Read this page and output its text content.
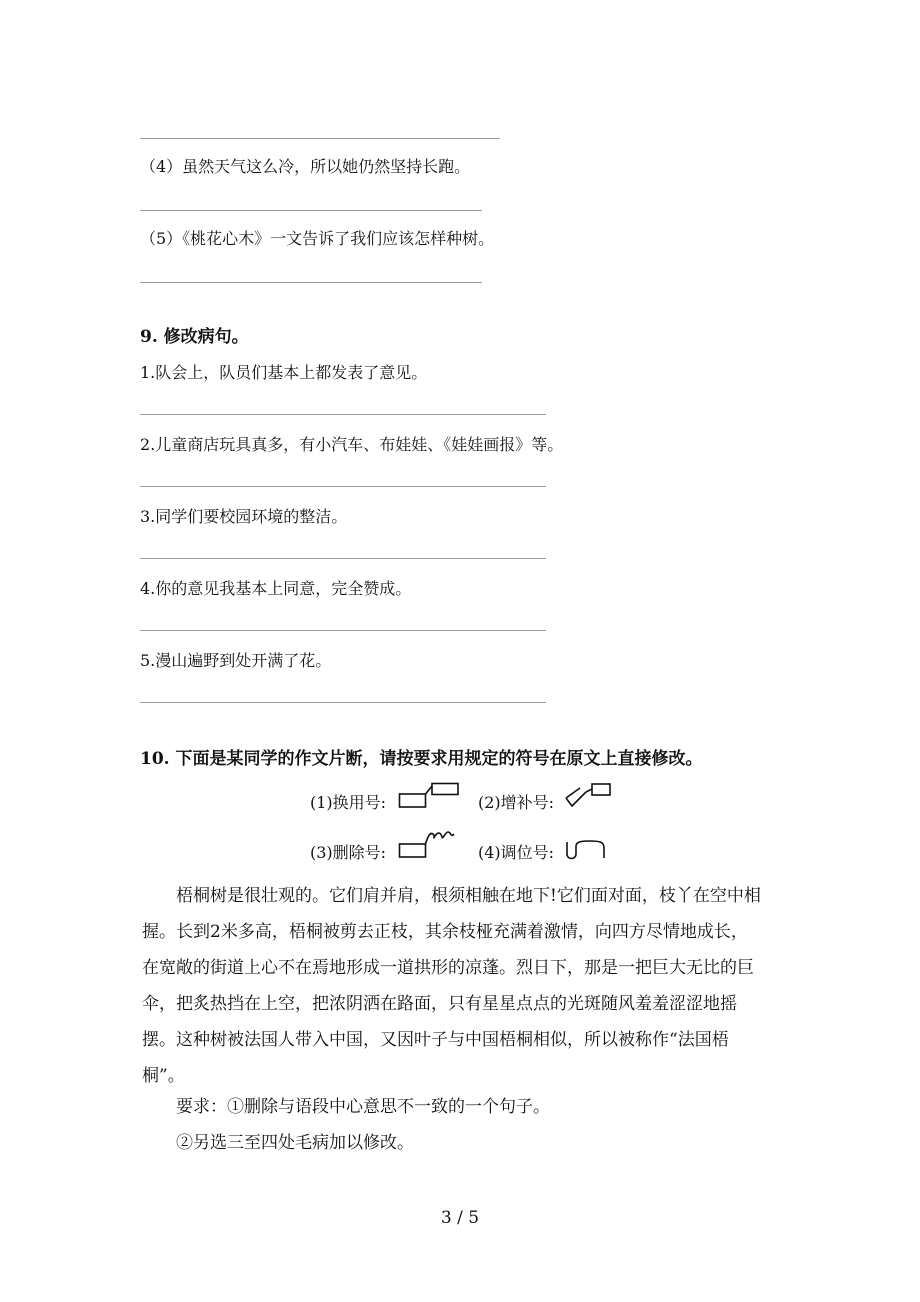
（4）虽然天气这么冷，所以她仍然坚持长跑。
（5）《桃花心木》一文告诉了我们应该怎样种树。
9. 修改病句。
1.队会上，队员们基本上都发表了意见。
2.儿童商店玩具真多，有小汽车、布娃娃、《娃娃画报》等。
3.同学们要校园环境的整洁。
4.你的意见我基本上同意，完全赞成。
5.漫山遍野到处开满了花。
10. 下面是某同学的作文片断，请按要求用规定的符号在原文上直接修改。
(1)换用号:	(2)增补号:
(3)删除号:	(4)调位号:
梧桐树是很壮观的。它们肩并肩，根须相触在地下!它们面对面，枝丫在空中相握。长到2米多高，梧桐被剪去正枝，其余枝桠充满着激情，向四方尽情地成长，在宽敞的街道上心不在焉地形成一道拱形的凉蓬。烈日下，那是一把巨大无比的巨伞，把炙热挡在上空，把浓阴洒在路面，只有星星点点的光斑随风羞羞涩涩地摇摆。这种树被法国人带入中国，又因叶子与中国梧桐相似，所以被称作“法国梧桐”。
要求：①删除与语段中心意思不一致的一个句子。
②另选三至四处毛病加以修改。
3 / 5
